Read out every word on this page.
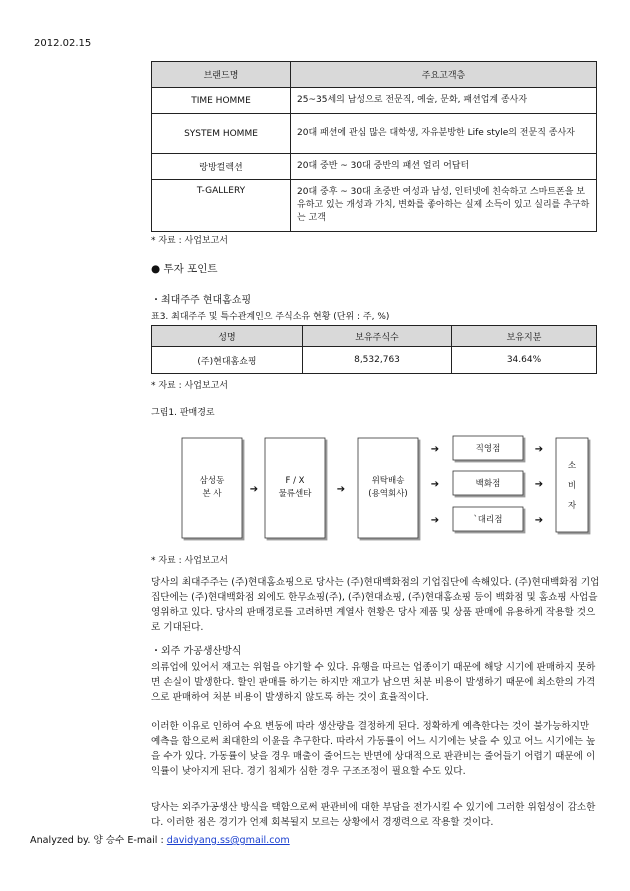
2012.02.15
브랜드명	주요고객층
TIME HOMME	25~35세의 남성으로 전문직, 예술, 문화, 패션업계 종사자
SYSTEM HOMME	20대 패션에 관심 많은 대학생, 자유분방한 Life style의 전문직 종사자
랑방컬렉션	20대 중반 ~ 30대 중반의 패션 얼리 어답터
T-GALLERY	20대 중후 ~ 30대 초중반 여성과 남성, 인터넷에 친숙하고 스마트폰을 보유하고 있는 개성과 가치, 변화를 좋아하는 실제 소득이 있고 실리를 추구하는 고객
* 자료 : 사업보고서
● 투자 포인트
・최대주주 현대홈쇼핑
표3. 최대주주 및 특수관계인으 주식소유 현황 (단위 : 주, %)
성명	보유주식수	보유지분
(주)현대홈쇼핑	8,532,763	34.64%
* 자료 : 사업보고서
그림1. 판매경로
삼성동
본 사
F / X
물류센타
위탁배송
(용역회사)
직영점
백화점
`대리점
소
비
자
➔	➔
➔
➔
➔
➔
➔
➔
* 자료 : 사업보고서
당사의 최대주주는 (주)현대홈쇼핑으로 당사는 (주)현대백화점의 기업집단에 속해있다. (주)현대백화점 기업집단에는 (주)현대백화점 외에도 한무쇼핑(주), (주)현대쇼핑, (주)현대홈쇼핑 등이 백화점 및 홈쇼핑 사업을 영위하고 있다. 당사의 판매경로를 고려하면 계열사 현황은 당사 제품 및 상품 판매에 유용하게 작용할 것으로 기대된다.
・외주 가공생산방식
의류업에 있어서 재고는 위험을 야기할 수 있다. 유행을 따르는 업종이기 때문에 해당 시기에 판매하지 못하면 손실이 발생한다. 할인 판매를 하기는 하지만 재고가 남으면 처분 비용이 발생하기 때문에 최소한의 가격으로 판매하여 처분 비용이 발생하지 않도록 하는 것이 효율적이다.
이러한 이유로 인하여 수요 변동에 따라 생산량을 결정하게 된다. 정확하게 예측한다는 것이 불가능하지만 예측을 함으로써 최대한의 이윤을 추구한다. 따라서 가동률이 어느 시기에는 낮을 수 있고 어느 시기에는 높을 수가 있다. 가동률이 낮을 경우 매출이 줄어드는 반면에 상대적으로 판관비는 줄어들기 어렵기 때문에 이익률이 낮아지게 된다. 경기 침체가 심한 경우 구조조정이 필요할 수도 있다.
당사는 외주가공생산 방식을 택함으로써 판관비에 대한 부담을 전가시킬 수 있기에 그러한 위험성이 감소한다. 이러한 점은 경기가 언제 회복될지 모르는 상황에서 경쟁력으로 작용할 것이다.
Analyzed by. 양 승수 E-mail : davidyang.ss@gmail.com
